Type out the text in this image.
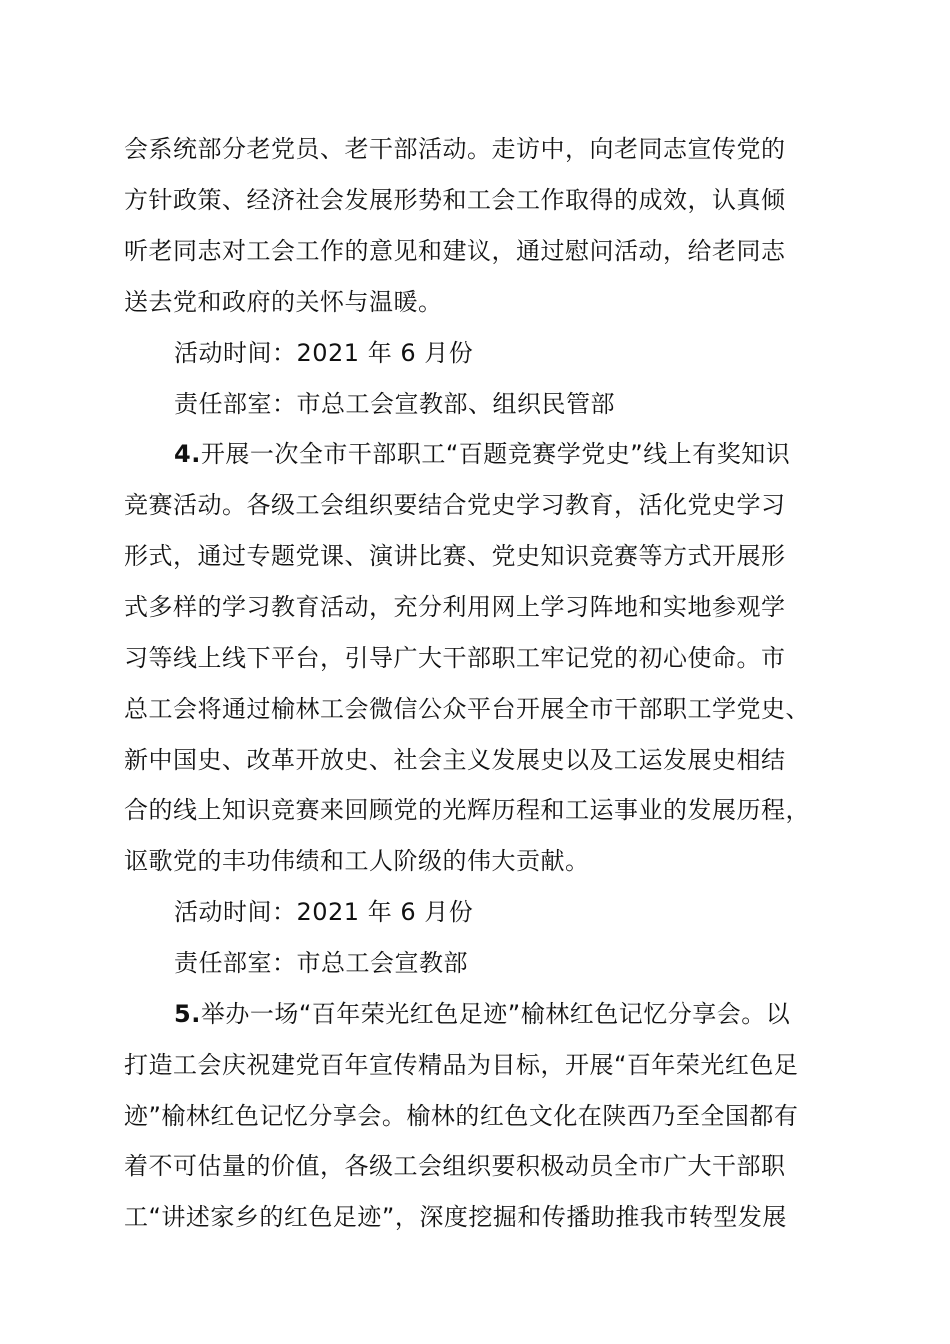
会系统部分老党员、老干部活动。走访中，向老同志宣传党的
方针政策、经济社会发展形势和工会工作取得的成效，认真倾
听老同志对工会工作的意见和建议，通过慰问活动，给老同志
送去党和政府的关怀与温暖。
活动时间：2021 年 6 月份
责任部室：市总工会宣教部、组织民管部
4.开展一次全市干部职工“百题竞赛学党史”线上有奖知识
竞赛活动。各级工会组织要结合党史学习教育，活化党史学习
形式，通过专题党课、演讲比赛、党史知识竞赛等方式开展形
式多样的学习教育活动，充分利用网上学习阵地和实地参观学
习等线上线下平台，引导广大干部职工牢记党的初心使命。市
总工会将通过榆林工会微信公众平台开展全市干部职工学党史、
新中国史、改革开放史、社会主义发展史以及工运发展史相结
合的线上知识竞赛来回顾党的光辉历程和工运事业的发展历程，
讴歌党的丰功伟绩和工人阶级的伟大贡献。
活动时间：2021 年 6 月份
责任部室：市总工会宣教部
5.举办一场“百年荣光红色足迹”榆林红色记忆分享会。以
打造工会庆祝建党百年宣传精品为目标，开展“百年荣光红色足
迹”榆林红色记忆分享会。榆林的红色文化在陕西乃至全国都有
着不可估量的价值，各级工会组织要积极动员全市广大干部职
工“讲述家乡的红色足迹”，深度挖掘和传播助推我市转型发展
